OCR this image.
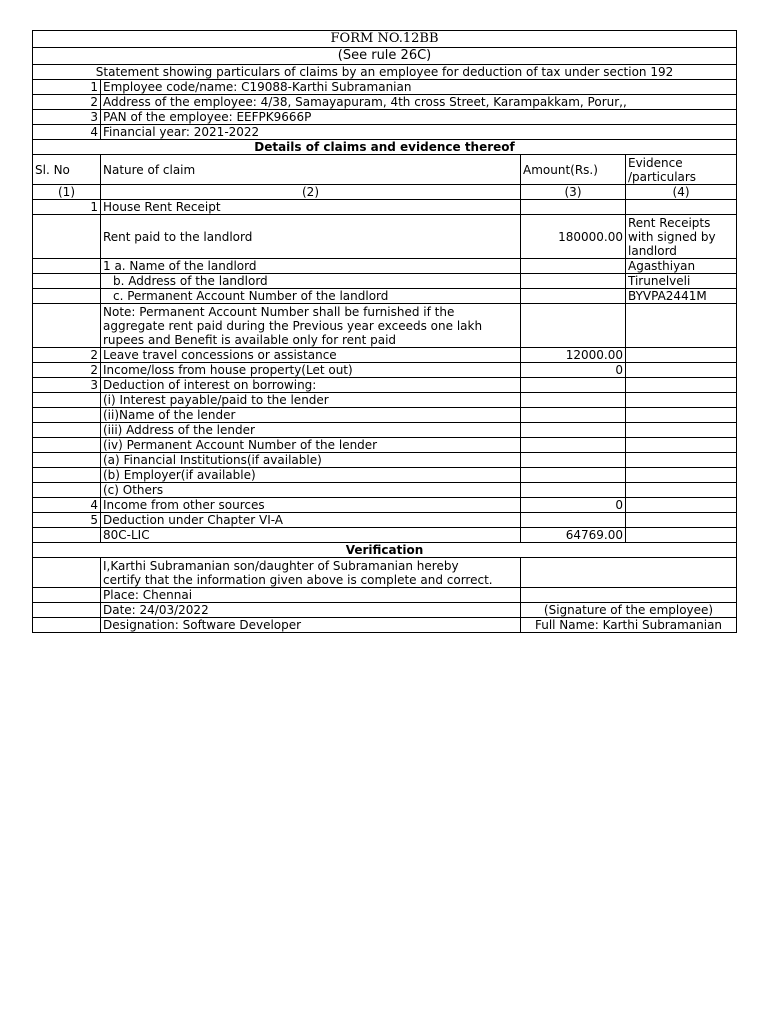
FORM NO.12BB			
(See rule 26C)			
Statement showing particulars of claims by an employee for deduction of tax under section 192			
1	Employee code/name: C19088-Karthi Subramanian		
2	Address of the employee: 4/38, Samayapuram, 4th cross Street, Karampakkam, Porur,,		
3	PAN of the employee: EEFPK9666P		
4	Financial year: 2021-2022		
Details of claims and evidence thereof			
Sl. No	Nature of claim	Amount(Rs.)	Evidence
/particulars
(1)	(2)	(3)	(4)
1	House Rent Receipt		
	Rent paid to the landlord	180000.00	Rent Receipts
with signed by
landlord
	1 a. Name of the landlord		Agasthiyan
	b. Address of the landlord		Tirunelveli
	c. Permanent Account Number of the landlord		BYVPA2441M
	Note: Permanent Account Number shall be furnished if the
aggregate rent paid during the Previous year exceeds one lakh
rupees and Benefit is available only for rent paid		
2	Leave travel concessions or assistance	12000.00	
2	Income/loss from house property(Let out)	0	
3	Deduction of interest on borrowing:		
	(i) Interest payable/paid to the lender		
	(ii)Name of the lender		
	(iii) Address of the lender		
	(iv) Permanent Account Number of the lender		
	(a) Financial Institutions(if available)		
	(b) Employer(if available)		
	(c) Others		
4	Income from other sources	0	
5	Deduction under Chapter VI-A		
	80C-LIC	64769.00	
Verification			
	I,Karthi Subramanian son/daughter of Subramanian hereby
certify that the information given above is complete and correct.		
	Place: Chennai		
	Date: 24/03/2022	(Signature of the employee)	
	Designation: Software Developer	Full Name: Karthi Subramanian	
